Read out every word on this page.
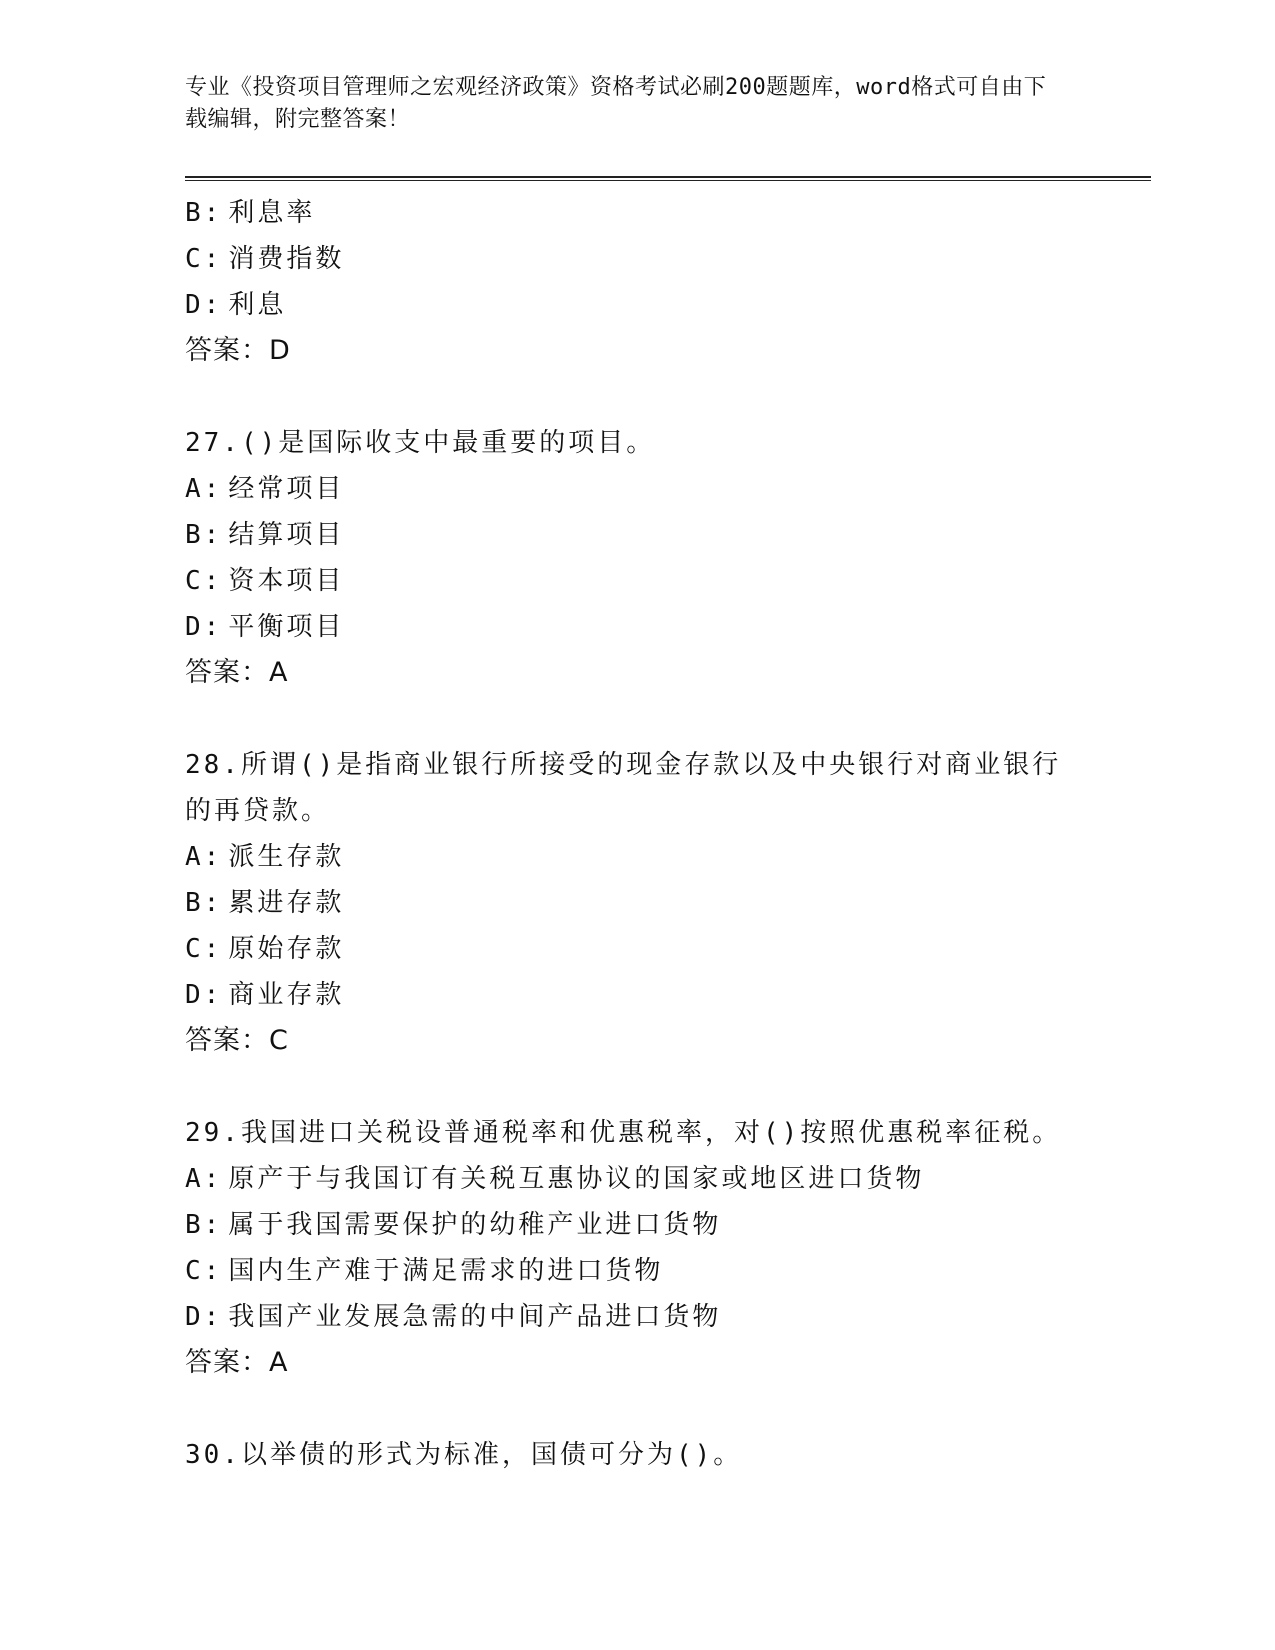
专业《投资项目管理师之宏观经济政策》资格考试必刷200题题库，word格式可自由下载编辑，附完整答案！
B: 利息率
C: 消费指数
D: 利息
答案：D
27.()是国际收支中最重要的项目。
A: 经常项目
B: 结算项目
C: 资本项目
D: 平衡项目
答案：A
28.所谓()是指商业银行所接受的现金存款以及中央银行对商业银行的再贷款。
A: 派生存款
B: 累进存款
C: 原始存款
D: 商业存款
答案：C
29.我国进口关税设普通税率和优惠税率，对()按照优惠税率征税。
A: 原产于与我国订有关税互惠协议的国家或地区进口货物
B: 属于我国需要保护的幼稚产业进口货物
C: 国内生产难于满足需求的进口货物
D: 我国产业发展急需的中间产品进口货物
答案：A
30.以举债的形式为标准，国债可分为()。
